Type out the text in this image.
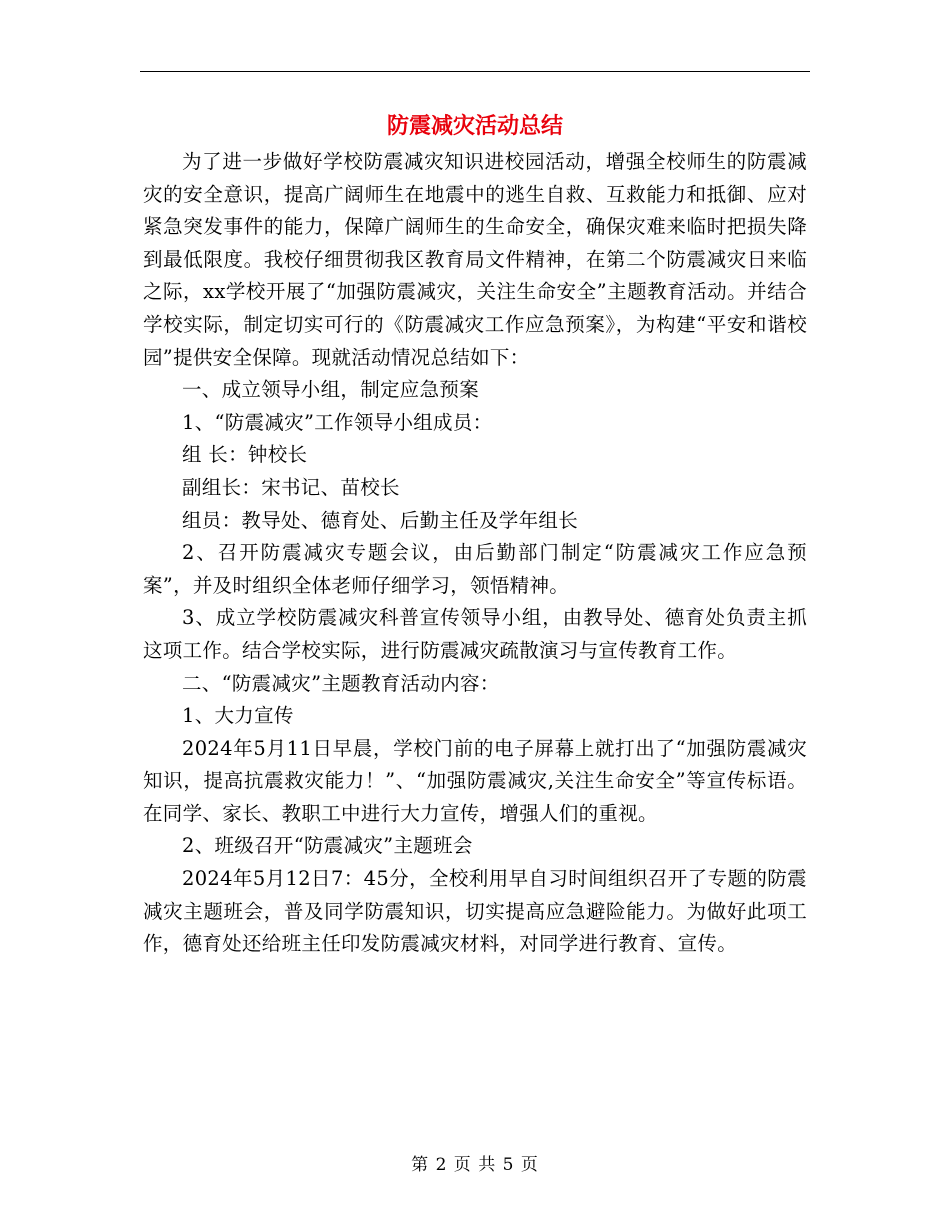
防震减灾活动总结

为了进一步做好学校防震减灾知识进校园活动，增强全校师生的防震减灾的安全意识，提高广阔师生在地震中的逃生自救、互救能力和抵御、应对紧急突发事件的能力，保障广阔师生的生命安全，确保灾难来临时把损失降到最低限度。我校仔细贯彻我区教育局文件精神，在第二个防震减灾日来临之际，xx学校开展了“加强防震减灾，关注生命安全”主题教育活动。并结合学校实际，制定切实可行的《防震减灾工作应急预案》，为构建“平安和谐校园”提供安全保障。现就活动情况总结如下：

一、成立领导小组，制定应急预案

1、“防震减灾”工作领导小组成员：

组 长：钟校长

副组长：宋书记、苗校长

组员：教导处、德育处、后勤主任及学年组长

2、召开防震减灾专题会议，由后勤部门制定“防震减灾工作应急预案”，并及时组织全体老师仔细学习，领悟精神。

3、成立学校防震减灾科普宣传领导小组，由教导处、德育处负责主抓这项工作。结合学校实际，进行防震减灾疏散演习与宣传教育工作。

二、“防震减灾”主题教育活动内容：

1、大力宣传

2024年5月11日早晨，学校门前的电子屏幕上就打出了“加强防震减灾知识，提高抗震救灾能力！”、“加强防震减灾,关注生命安全”等宣传标语。在同学、家长、教职工中进行大力宣传，增强人们的重视。

2、班级召开“防震减灾”主题班会

2024年5月12日7：45分，全校利用早自习时间组织召开了专题的防震减灾主题班会，普及同学防震知识，切实提高应急避险能力。为做好此项工作，德育处还给班主任印发防震减灾材料，对同学进行教育、宣传。

第 2 页 共 5 页
